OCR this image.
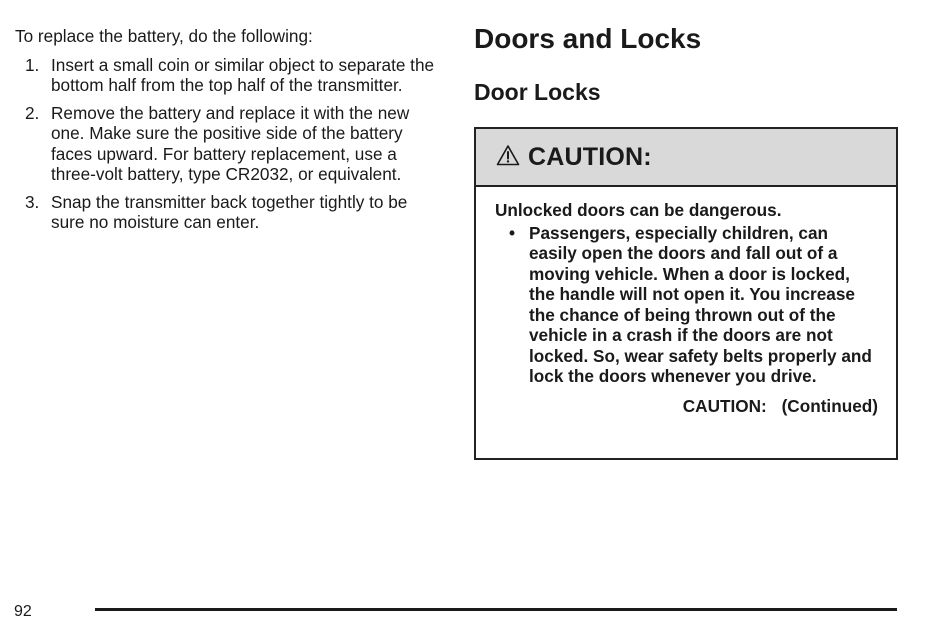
To replace the battery, do the following:

1. Insert a small coin or similar object to separate the bottom half from the top half of the transmitter.
2. Remove the battery and replace it with the new one. Make sure the positive side of the battery faces upward. For battery replacement, use a three-volt battery, type CR2032, or equivalent.
3. Snap the transmitter back together tightly to be sure no moisture can enter.
Doors and Locks
Door Locks
CAUTION:

Unlocked doors can be dangerous.

• Passengers, especially children, can easily open the doors and fall out of a moving vehicle. When a door is locked, the handle will not open it. You increase the chance of being thrown out of the vehicle in a crash if the doors are not locked. So, wear safety belts properly and lock the doors whenever you drive.
CAUTION: (Continued)
92
